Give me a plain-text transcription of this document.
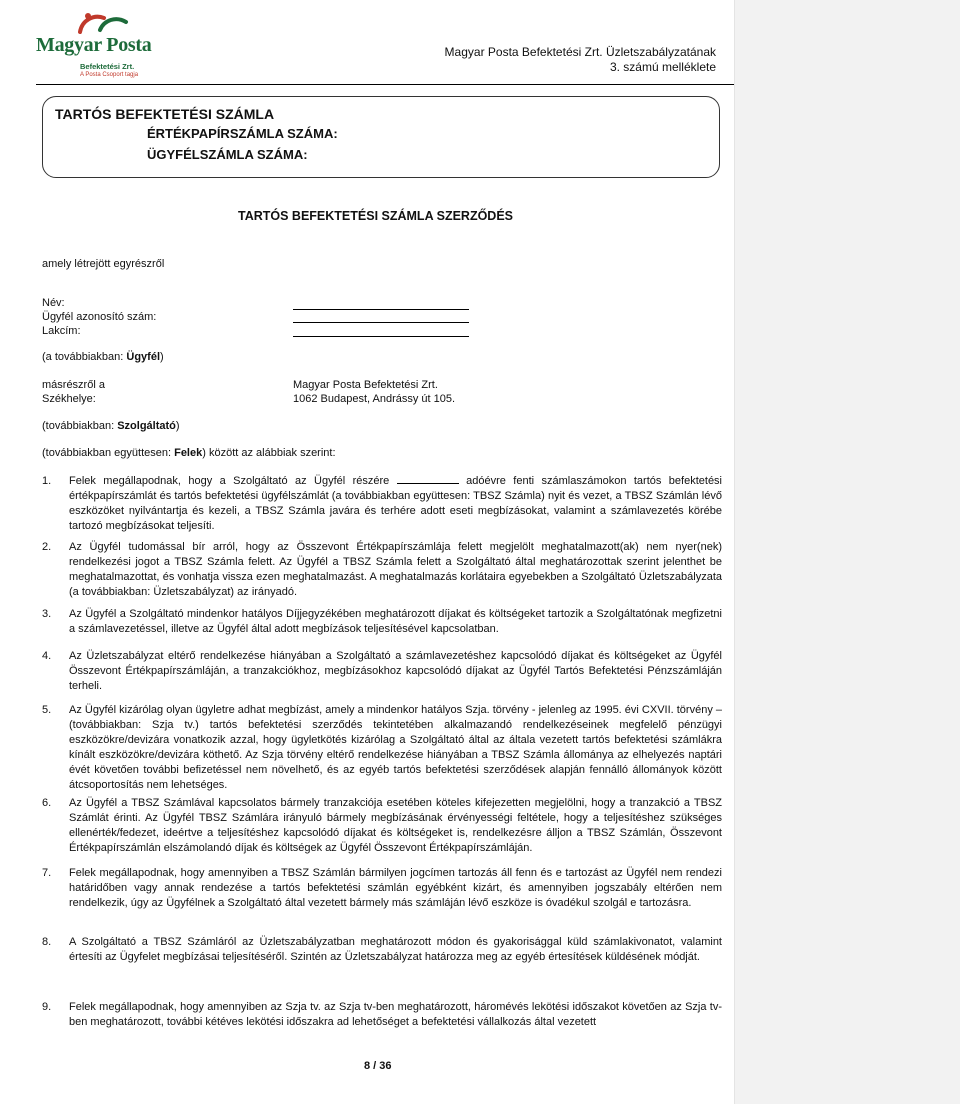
Magyar Posta
Befektetési Zrt.
A Posta Csoport tagja
Magyar Posta Befektetési Zrt. Üzletszabályzatának
3. számú melléklete
TARTÓS BEFEKTETÉSI SZÁMLA
ÉRTÉKPAPÍRSZÁMLA SZÁMA:
ÜGYFÉLSZÁMLA SZÁMA:
TARTÓS BEFEKTETÉSI SZÁMLA SZERZŐDÉS
amely létrejött egyrészről
Név:
Ügyfél azonosító szám:
Lakcím:
(a továbbiakban: Ügyfél)
másrészről a	Magyar Posta Befektetési Zrt.
Székhelye:	1062 Budapest, Andrássy út 105.
(továbbiakban: Szolgáltató)
(továbbiakban együttesen: Felek) között az alábbiak szerint:
1. Felek megállapodnak, hogy a Szolgáltató az Ügyfél részére	adóévre fenti számlaszámokon tartós befektetési értékpapírszámlát és tartós befektetési ügyfélszámlát (a továbbiakban együttesen: TBSZ Számla) nyit és vezet, a TBSZ Számlán lévő eszközöket nyilvántartja és kezeli, a TBSZ Számla javára és terhére adott eseti megbízásokat, valamint a számlavezetés körébe tartozó megbízásokat teljesíti.
2. Az Ügyfél tudomással bír arról, hogy az Összevont Értékpapírszámlája felett megjelölt meghatalmazott(ak) nem nyer(nek) rendelkezési jogot a TBSZ Számla felett. Az Ügyfél a TBSZ Számla felett a Szolgáltató által meghatározottak szerint jelenthet be meghatalmazottat, és vonhatja vissza ezen meghatalmazást. A meghatalmazás korlátaira egyebekben a Szolgáltató Üzletszabályzata (a továbbiakban: Üzletszabályzat) az irányadó.
3. Az Ügyfél a Szolgáltató mindenkor hatályos Díjjegyzékében meghatározott díjakat és költségeket tartozik a Szolgáltatónak megfizetni a számlavezetéssel, illetve az Ügyfél által adott megbízások teljesítésével kapcsolatban.
4. Az Üzletszabályzat eltérő rendelkezése hiányában a Szolgáltató a számlavezetéshez kapcsolódó díjakat és költségeket az Ügyfél Összevont Értékpapírszámláján, a tranzakciókhoz, megbízásokhoz kapcsolódó díjakat az Ügyfél Tartós Befektetési Pénzszámláján terheli.
5. Az Ügyfél kizárólag olyan ügyletre adhat megbízást, amely a mindenkor hatályos Szja. törvény - jelenleg az 1995. évi CXVII. törvény – (továbbiakban: Szja tv.) tartós befektetési szerződés tekintetében alkalmazandó rendelkezéseinek megfelelő pénzügyi eszközökre/devizára vonatkozik azzal, hogy ügyletkötés kizárólag a Szolgáltató által az általa vezetett tartós befektetési számlákra kínált eszközökre/devizára köthető. Az Szja törvény eltérő rendelkezése hiányában a TBSZ Számla állománya az elhelyezés naptári évét követően további befizetéssel nem növelhető, és az egyéb tartós befektetési szerződések alapján fennálló állományok között átcsoportosítás nem lehetséges.
6. Az Ügyfél a TBSZ Számlával kapcsolatos bármely tranzakciója esetében köteles kifejezetten megjelölni, hogy a tranzakció a TBSZ Számlát érinti. Az Ügyfél TBSZ Számlára irányuló bármely megbízásának érvényességi feltétele, hogy a teljesítéshez szükséges ellenérték/fedezet, ideértve a teljesítéshez kapcsolódó díjakat és költségeket is, rendelkezésre álljon a TBSZ Számlán, Összevont Értékpapírszámlán elszámolandó díjak és költségek az Ügyfél Összevont Értékpapírszámláján.
7. Felek megállapodnak, hogy amennyiben a TBSZ Számlán bármilyen jogcímen tartozás áll fenn és e tartozást az Ügyfél nem rendezi határidőben vagy annak rendezése a tartós befektetési számlán egyébként kizárt, és amennyiben jogszabály eltérően nem rendelkezik, úgy az Ügyfélnek a Szolgáltató által vezetett bármely más számláján lévő eszköze is óvadékul szolgál e tartozásra.
8. A Szolgáltató a TBSZ Számláról az Üzletszabályzatban meghatározott módon és gyakorisággal küld számlakivonatot, valamint értesíti az Ügyfelet megbízásai teljesítéséről. Szintén az Üzletszabályzat határozza meg az egyéb értesítések küldésének módját.
9. Felek megállapodnak, hogy amennyiben az Szja tv. az Szja tv-ben meghatározott, háromévés lekötési időszakot követően az Szja tv-ben meghatározott, további kétéves lekötési időszakra ad lehetőséget a befektetési vállalkozás által vezetett
8 / 36
